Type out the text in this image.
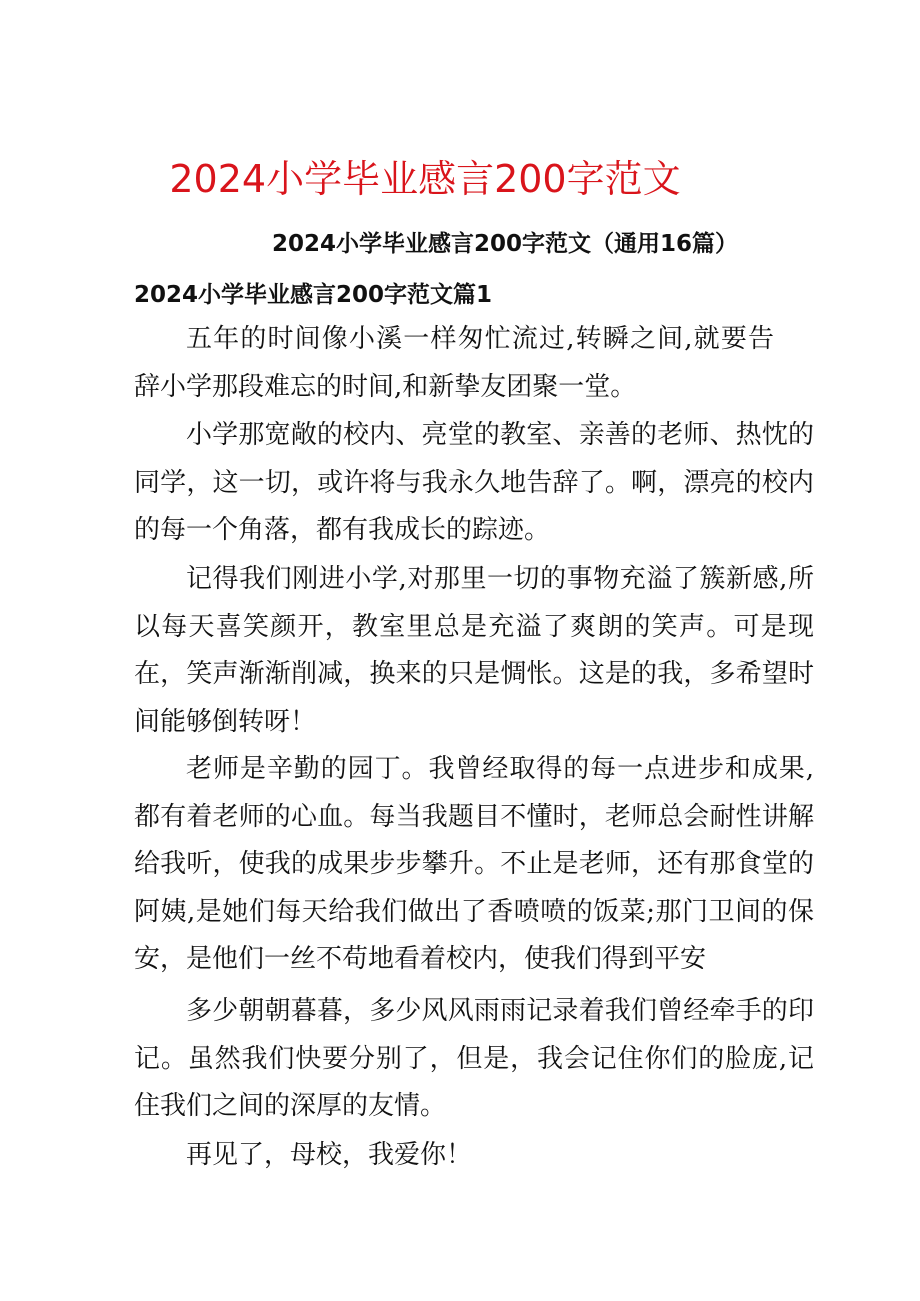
2024小学毕业感言200字范文
2024小学毕业感言200字范文（通用16篇）
2024小学毕业感言200字范文篇1

五年的时间像小溪一样匆忙流过,转瞬之间,就要告辞小学那段难忘的时间,和新挚友团聚一堂。

小学那宽敞的校内、亮堂的教室、亲善的老师、热忱的同学，这一切，或许将与我永久地告辞了。啊，漂亮的校内的每一个角落，都有我成长的踪迹。

记得我们刚进小学,对那里一切的事物充溢了簇新感,所以每天喜笑颜开，教室里总是充溢了爽朗的笑声。可是现在，笑声渐渐削减，换来的只是惆怅。这是的我，多希望时间能够倒转呀！

老师是辛勤的园丁。我曾经取得的每一点进步和成果,都有着老师的心血。每当我题目不懂时，老师总会耐性讲解给我听，使我的成果步步攀升。不止是老师，还有那食堂的阿姨,是她们每天给我们做出了香喷喷的饭菜;那门卫间的保安，是他们一丝不苟地看着校内，使我们得到平安

多少朝朝暮暮，多少风风雨雨记录着我们曾经牵手的印记。虽然我们快要分别了，但是，我会记住你们的脸庞,记住我们之间的深厚的友情。

再见了，母校，我爱你！
